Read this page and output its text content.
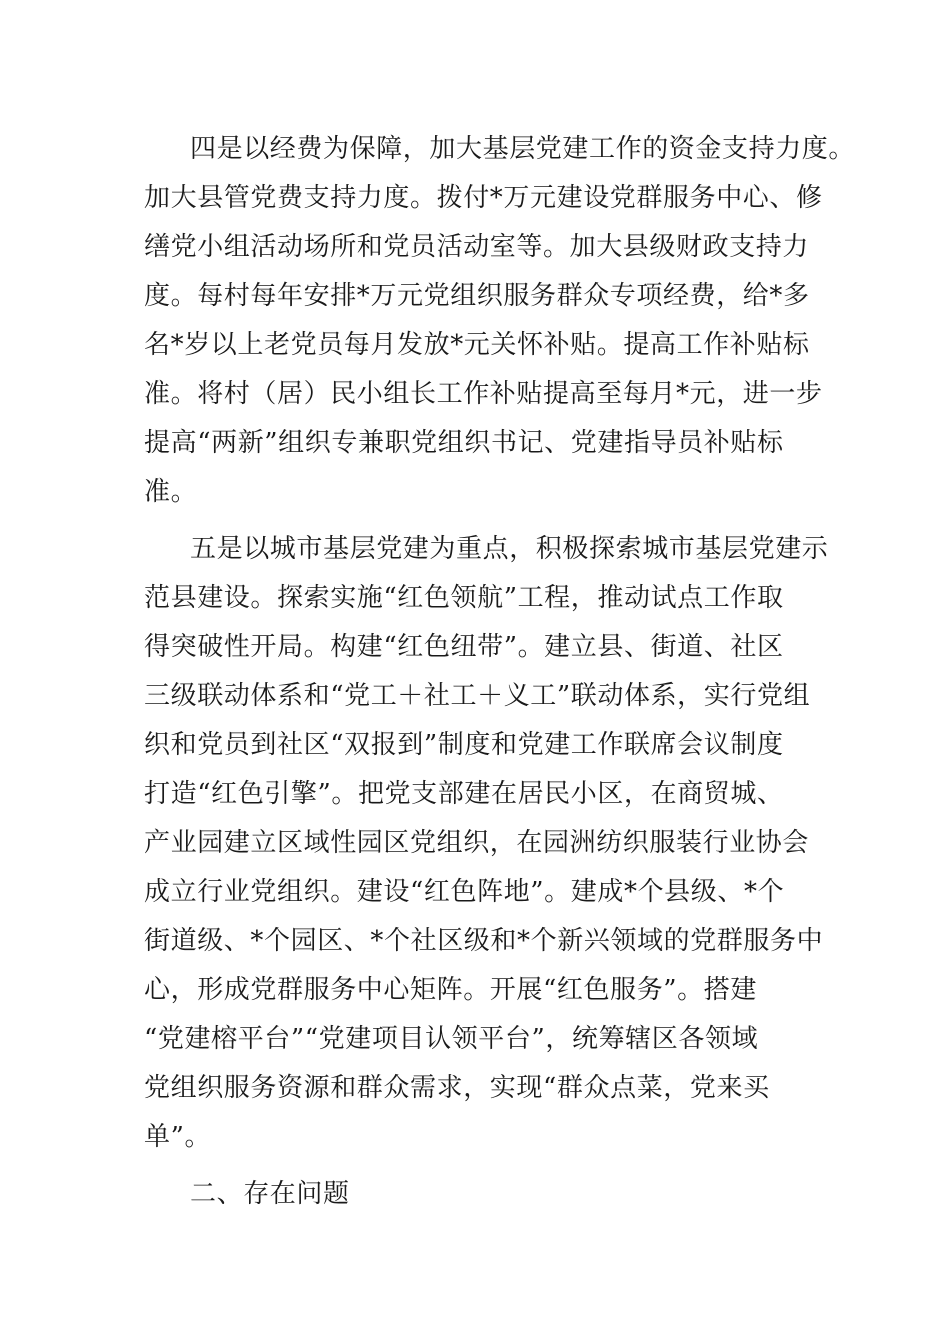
四是以经费为保障，加大基层党建工作的资金支持力度。
加大县管党费支持力度。拨付*万元建设党群服务中心、修
缮党小组活动场所和党员活动室等。加大县级财政支持力
度。每村每年安排*万元党组织服务群众专项经费，给*多
名*岁以上老党员每月发放*元关怀补贴。提高工作补贴标
准。将村（居）民小组长工作补贴提高至每月*元，进一步
提高“两新”组织专兼职党组织书记、党建指导员补贴标
准。
五是以城市基层党建为重点，积极探索城市基层党建示
范县建设。探索实施“红色领航”工程，推动试点工作取
得突破性开局。构建“红色纽带”。建立县、街道、社区
三级联动体系和“党工＋社工＋义工”联动体系，实行党组
织和党员到社区“双报到”制度和党建工作联席会议制度
打造“红色引擎”。把党支部建在居民小区，在商贸城、
产业园建立区域性园区党组织，在园洲纺织服装行业协会
成立行业党组织。建设“红色阵地”。建成*个县级、*个
街道级、*个园区、*个社区级和*个新兴领域的党群服务中
心，形成党群服务中心矩阵。开展“红色服务”。搭建
“党建榕平台”“党建项目认领平台”，统筹辖区各领域
党组织服务资源和群众需求，实现“群众点菜，党来买
单”。
二、存在问题
